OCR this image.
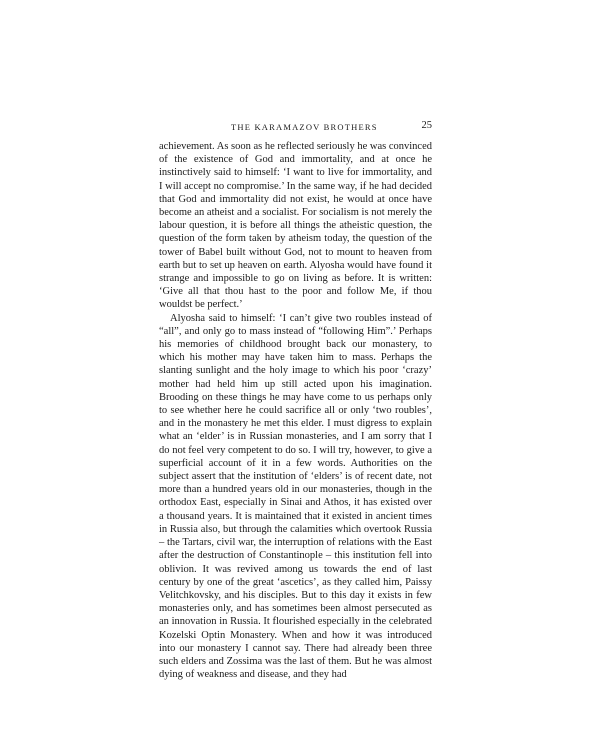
THE KARAMAZOV BROTHERS	25

achievement. As soon as he reflected seriously he was convinced of the existence of God and immortality, and at once he instinctively said to himself: ‘I want to live for immortality, and I will accept no compromise.’ In the same way, if he had decided that God and immortality did not exist, he would at once have become an atheist and a socialist. For socialism is not merely the labour question, it is before all things the atheistic question, the question of the form taken by atheism today, the question of the tower of Babel built without God, not to mount to heaven from earth but to set up heaven on earth. Alyosha would have found it strange and impossible to go on living as before. It is written: ‘Give all that thou hast to the poor and follow Me, if thou wouldst be perfect.’

Alyosha said to himself: ‘I can’t give two roubles instead of “all”, and only go to mass instead of “following Him”.’ Perhaps his memories of childhood brought back our monastery, to which his mother may have taken him to mass. Perhaps the slanting sunlight and the holy image to which his poor ‘crazy’ mother had held him up still acted upon his imagination. Brooding on these things he may have come to us perhaps only to see whether here he could sacrifice all or only ‘two roubles’, and in the monastery he met this elder. I must digress to explain what an ‘elder’ is in Russian monasteries, and I am sorry that I do not feel very competent to do so. I will try, however, to give a superficial account of it in a few words. Authorities on the subject assert that the institution of ‘elders’ is of recent date, not more than a hundred years old in our monasteries, though in the orthodox East, especially in Sinai and Athos, it has existed over a thousand years. It is maintained that it existed in ancient times in Russia also, but through the calamities which overtook Russia – the Tartars, civil war, the interruption of relations with the East after the destruction of Constantinople – this institution fell into oblivion. It was revived among us towards the end of last century by one of the great ‘ascetics’, as they called him, Paissy Velitchkovsky, and his disciples. But to this day it exists in few monasteries only, and has sometimes been almost persecuted as an innovation in Russia. It flourished especially in the celebrated Kozelski Optin Monastery. When and how it was introduced into our monastery I cannot say. There had already been three such elders and Zossima was the last of them. But he was almost dying of weakness and disease, and they had
